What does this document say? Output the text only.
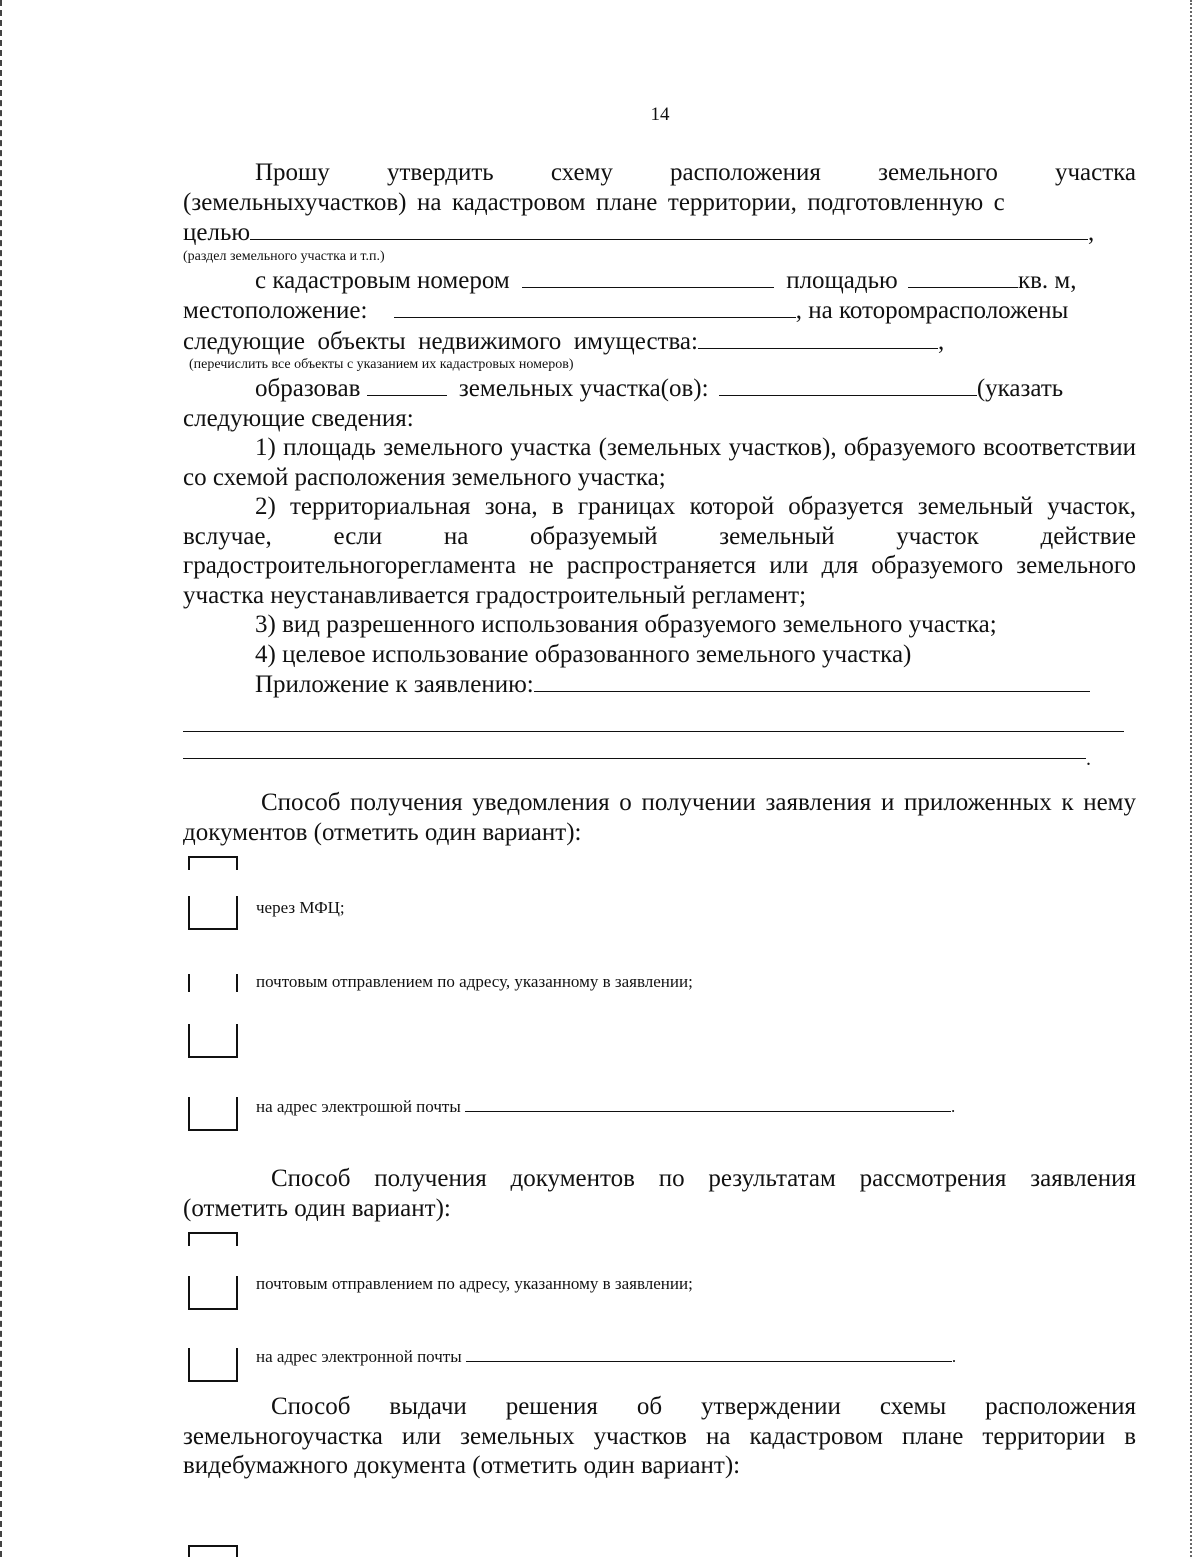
14
Прошу утвердить схему расположения земельного участка
(земельныхучастков)  на  кадастровом  плане  территории,  подготовленную  с
целью	,
(раздел земельного участка и т.п.)
с кадастровым номером	площадью	кв. м,
местоположение:	, на которомрасположены
следующие  объекты  недвижимого  имущества:	,
(перечислить все объекты с указанием их кадастровых номеров)
образовав	земельных участка(ов):	(указать
следующие сведения:
1) площадь земельного участка (земельных участков), образуемого всоответствии со схемой расположения земельного участка;
2) территориальная зона, в границах которой образуется земельный участок, вслучае, если на образуемый земельный участок действие градостроительногорегламента не распространяется или для образуемого земельного участка неустанавливается градостроительный регламент;
3) вид разрешенного использования образуемого земельного участка;
4) целевое использование образованного земельного участка)
Приложение к заявлению:
.
Способ получения уведомления о получении заявления и приложенных к нему документов (отметить один вариант):
через МФЦ;
почтовым отправлением по адресу, указанному в заявлении;
на адрес электрошюй почты	.
Способ получения документов по результатам рассмотрения заявления (отметить один вариант):
почтовым отправлением по адресу, указанному в заявлении;
на адрес электронной почты	.
Способ выдачи решения об утверждении схемы расположения земельногоучастка или земельных участков на кадастровом плане территории в видебумажного документа (отметить один вариант):
